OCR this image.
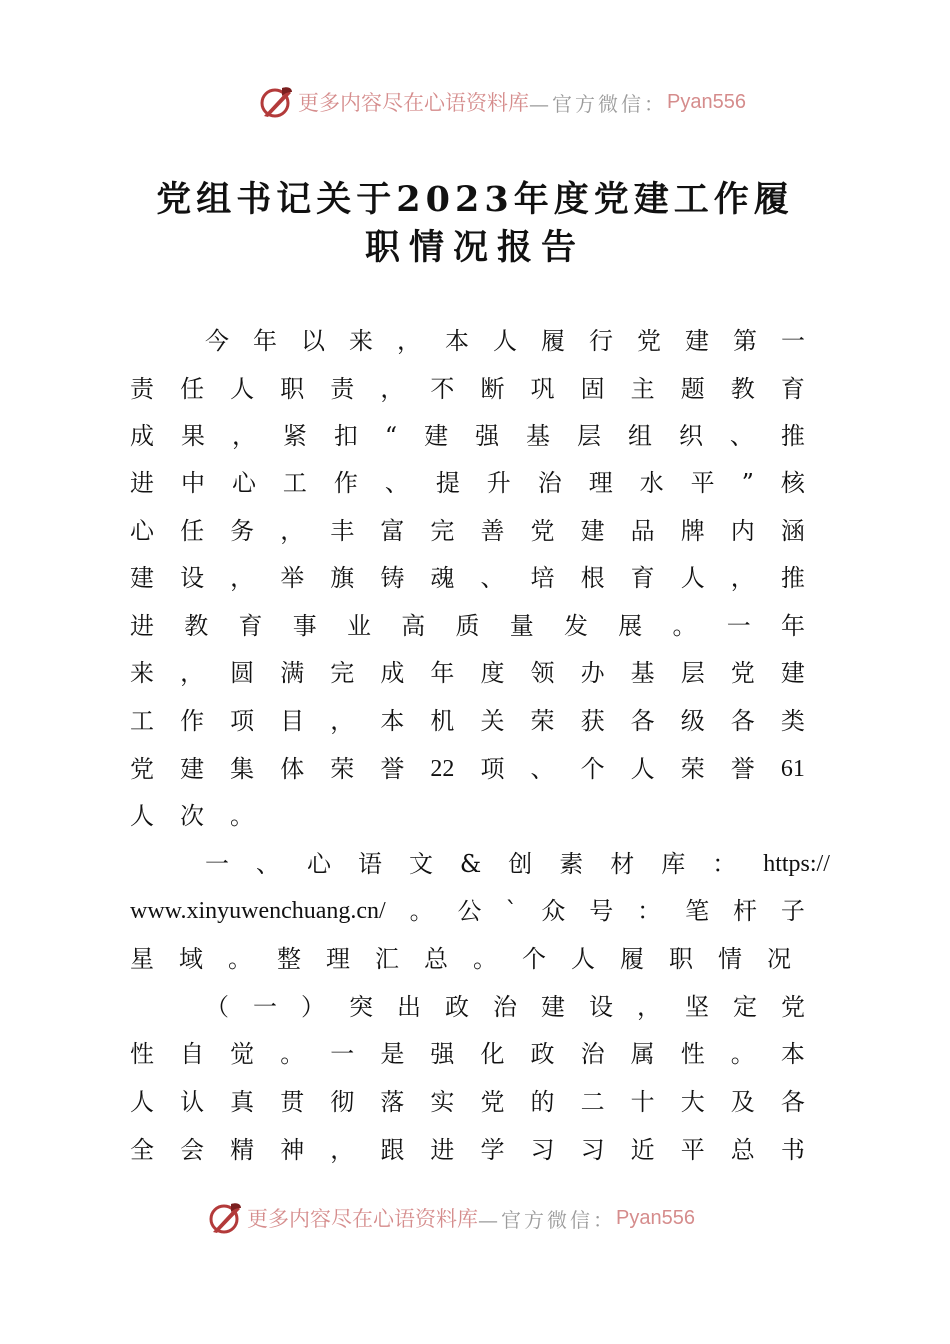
更多内容尽在心语资料库 —官方微信： Pyan556
党组书记关于2023年度党建工作履
职情况报告
今 年 以 来 ， 本 人 履 行 党 建 第 一
责 任 人 职 责 ， 不 断 巩 固 主 题 教 育
成 果 ， 紧 扣 “ 建 强 基 层 组 织 、 推
进 中 心 工 作 、 提 升 治 理 水 平 ” 核
心 任 务 ， 丰 富 完 善 党 建 品 牌 内 涵
建 设 ， 举 旗 铸 魂 、 培 根 育 人 ， 推
进 教 育 事 业 高 质 量 发 展 。 一 年
来 ， 圆 满 完 成 年 度 领 办 基 层 党 建
工 作 项 目 ， 本 机 关 荣 获 各 级 各 类
党 建 集 体 荣 誉 22 项 、 个 人 荣 誉 61
人 次 。
一 、 心 语 文 & 创 素 材 库 ： https://
www.xinyuwenchuang.cn/ 。 公 ` 众 号 ： 笔 杆 子
星 域 。 整 理 汇 总 。 个 人 履 职 情 况
（ 一 ） 突 出 政 治 建 设 ， 坚 定 党
性 自 觉 。 一 是 强 化 政 治 属 性 。 本
人 认 真 贯 彻 落 实 党 的 二 十 大 及 各
全 会 精 神 ， 跟 进 学 习 习 近 平 总 书
更多内容尽在心语资料库 —官方微信： Pyan556
